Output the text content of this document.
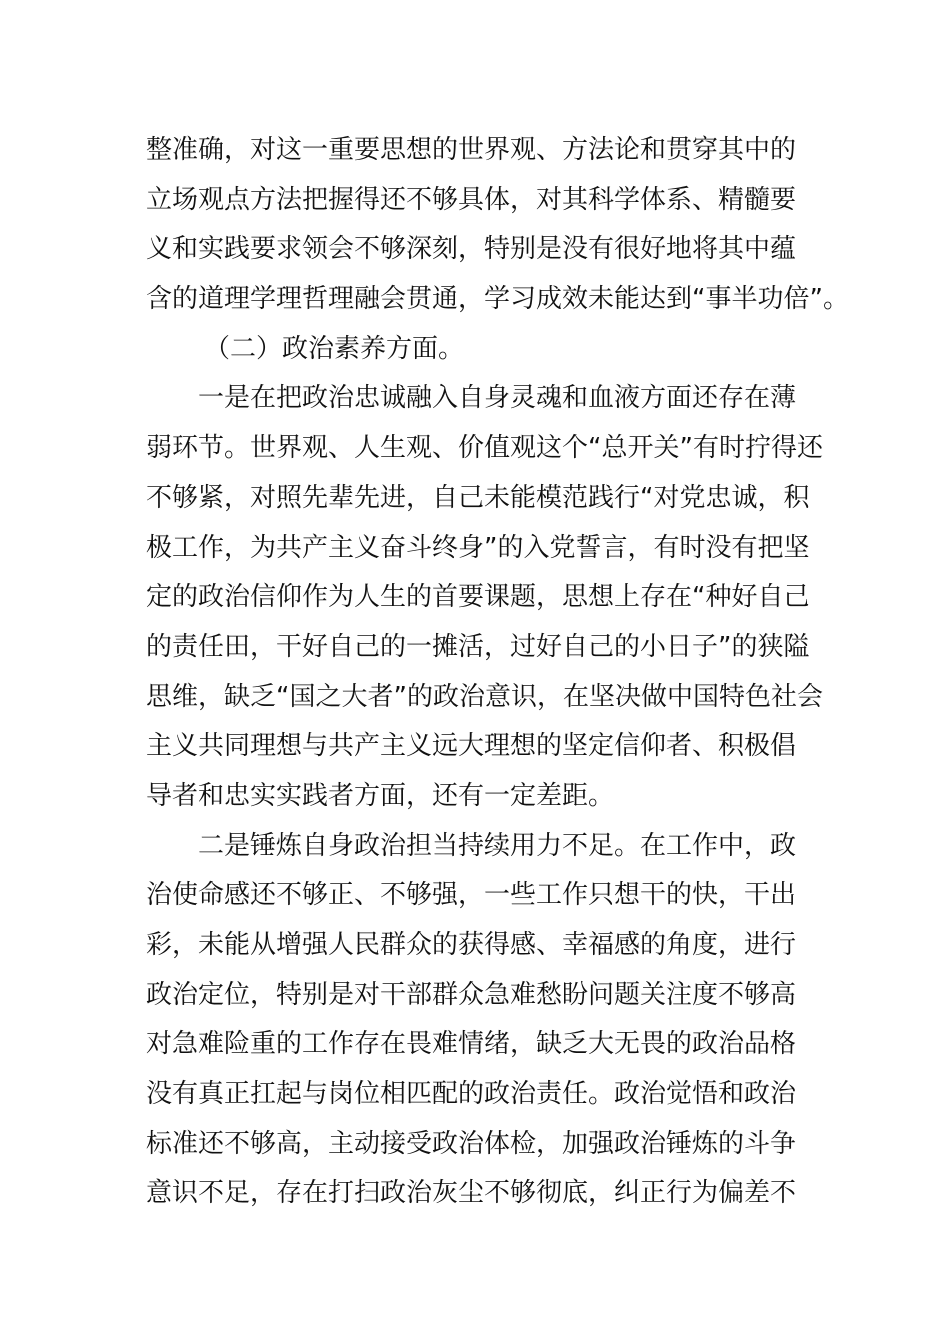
整准确，对这一重要思想的世界观、方法论和贯穿其中的
立场观点方法把握得还不够具体，对其科学体系、精髓要
义和实践要求领会不够深刻，特别是没有很好地将其中蕴
含的道理学理哲理融会贯通，学习成效未能达到“事半功倍”。
（二）政治素养方面。
一是在把政治忠诚融入自身灵魂和血液方面还存在薄
弱环节。世界观、人生观、价值观这个“总开关”有时拧得还
不够紧，对照先辈先进，自己未能模范践行“对党忠诚，积
极工作，为共产主义奋斗终身”的入党誓言，有时没有把坚
定的政治信仰作为人生的首要课题，思想上存在“种好自己
的责任田，干好自己的一摊活，过好自己的小日子”的狭隘
思维，缺乏“国之大者”的政治意识，在坚决做中国特色社会
主义共同理想与共产主义远大理想的坚定信仰者、积极倡
导者和忠实实践者方面，还有一定差距。
二是锤炼自身政治担当持续用力不足。在工作中，政
治使命感还不够正、不够强，一些工作只想干的快，干出
彩，未能从增强人民群众的获得感、幸福感的角度，进行
政治定位，特别是对干部群众急难愁盼问题关注度不够高
对急难险重的工作存在畏难情绪，缺乏大无畏的政治品格
没有真正扛起与岗位相匹配的政治责任。政治觉悟和政治
标准还不够高，主动接受政治体检，加强政治锤炼的斗争
意识不足，存在打扫政治灰尘不够彻底，纠正行为偏差不
